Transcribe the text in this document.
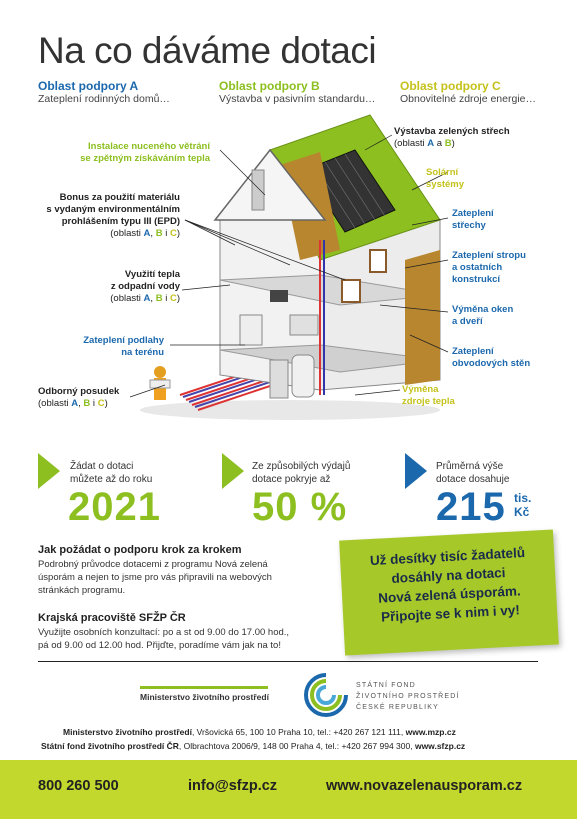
Na co dáváme dotaci
Oblast podpory A
Zateplení rodinných domů…
Oblast podpory B
Výstavba v pasivním standardu…
Oblast podpory C
Obnovitelné zdroje energie…
Instalace nuceného větrání
se zpětným získáváním tepla
Bonus za použití materiálu
s vydaným environmentálním
prohlášením typu III (EPD)
(oblasti A, B i C)
Využití tepla
z odpadní vody
(oblasti A, B i C)
Zateplení podlahy
na terénu
Odborný posudek
(oblasti A, B i C)
Výstavba zelených střech
(oblasti A a B)
Solární
systémy
Zateplení
střechy
Zateplení stropu
a ostatních
konstrukcí
Výměna oken
a dveří
Zateplení
obvodových stěn
Výměna
zdroje tepla
Žádat o dotaci
můžete až do roku
2021
Ze způsobilých výdajů
dotace pokryje až
50 %
Průměrná výše
dotace dosahuje
215 tis.
Kč
Jak požádat o podporu krok za krokem
Podrobný průvodce dotacemi z programu Nová zelená
úsporám a nejen to jsme pro vás připravili na webových
stránkách programu.
Krajská pracoviště SFŽP ČR
Využijte osobních konzultací: po a st od 9.00 do 17.00 hod.,
pá od 9.00 od 12.00 hod. Přijďte, poradíme vám jak na to!
Už desítky tisíc žadatelů
dosáhly na dotaci
Nová zelená úsporám.
Připojte se k nim i vy!
Ministerstvo životního prostředí
STÁTNÍ FOND
ŽIVOTNÍHO PROSTŘEDÍ
ČESKÉ REPUBLIKY
Ministerstvo životního prostředí, Vršovická 65, 100 10 Praha 10, tel.: +420 267 121 111, www.mzp.cz
Státní fond životního prostředí ČR, Olbrachtova 2006/9, 148 00 Praha 4, tel.: +420 267 994 300, www.sfzp.cz
800 260 500	info@sfzp.cz	www.novazelenausporam.cz
